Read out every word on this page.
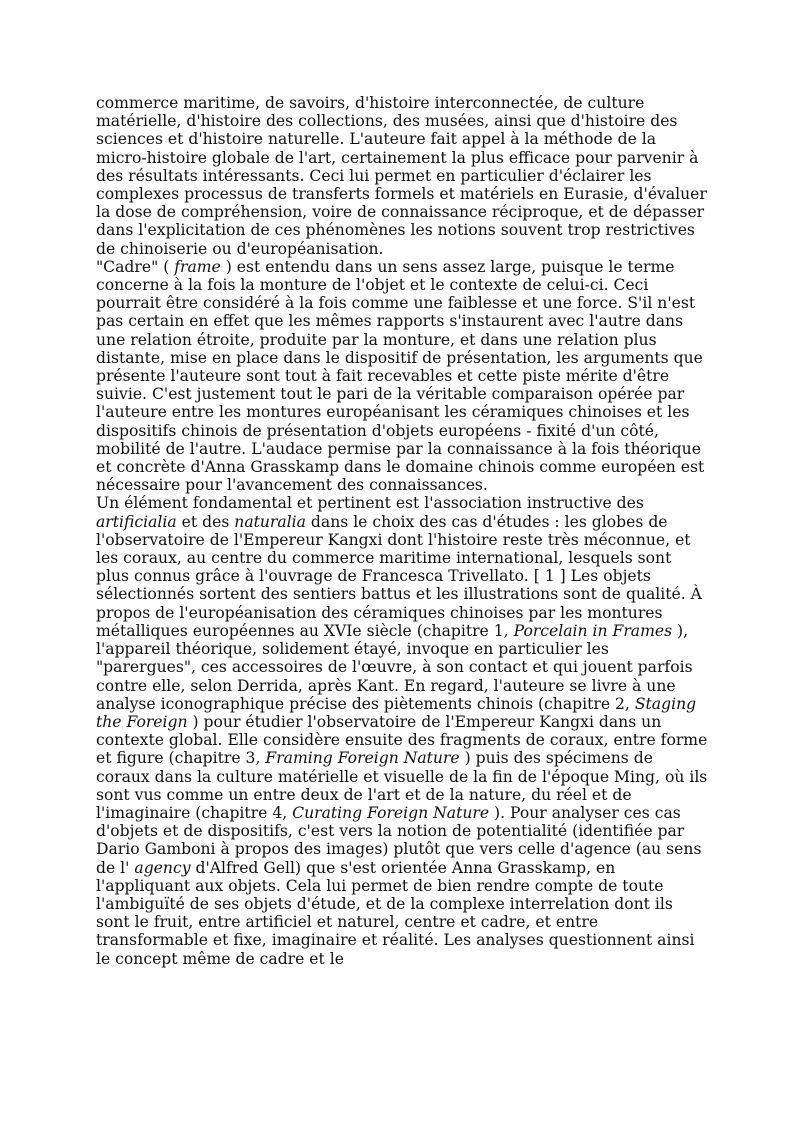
commerce maritime, de savoirs, d'histoire interconnectée, de culture matérielle, d'histoire des collections, des musées, ainsi que d'histoire des sciences et d'histoire naturelle. L'auteure fait appel à la méthode de la micro-histoire globale de l'art, certainement la plus efficace pour parvenir à des résultats intéressants. Ceci lui permet en particulier d'éclairer les complexes processus de transferts formels et matériels en Eurasie, d'évaluer la dose de compréhension, voire de connaissance réciproque, et de dépasser dans l'explicitation de ces phénomènes les notions souvent trop restrictives de chinoiserie ou d'européanisation.

"Cadre" ( frame ) est entendu dans un sens assez large, puisque le terme concerne à la fois la monture de l'objet et le contexte de celui-ci. Ceci pourrait être considéré à la fois comme une faiblesse et une force. S'il n'est pas certain en effet que les mêmes rapports s'instaurent avec l'autre dans une relation étroite, produite par la monture, et dans une relation plus distante, mise en place dans le dispositif de présentation, les arguments que présente l'auteure sont tout à fait recevables et cette piste mérite d'être suivie. C'est justement tout le pari de la véritable comparaison opérée par l'auteure entre les montures européanisant les céramiques chinoises et les dispositifs chinois de présentation d'objets européens - fixité d'un côté, mobilité de l'autre. L'audace permise par la connaissance à la fois théorique et concrète d'Anna Grasskamp dans le domaine chinois comme européen est nécessaire pour l'avancement des connaissances.

Un élément fondamental et pertinent est l'association instructive des artificialia et des naturalia dans le choix des cas d'études : les globes de l'observatoire de l'Empereur Kangxi dont l'histoire reste très méconnue, et les coraux, au centre du commerce maritime international, lesquels sont plus connus grâce à l'ouvrage de Francesca Trivellato. [ 1 ] Les objets sélectionnés sortent des sentiers battus et les illustrations sont de qualité. À propos de l'européanisation des céramiques chinoises par les montures métalliques européennes au XVIe siècle (chapitre 1, Porcelain in Frames ), l'appareil théorique, solidement étayé, invoque en particulier les "parergues", ces accessoires de l'œuvre, à son contact et qui jouent parfois contre elle, selon Derrida, après Kant. En regard, l'auteure se livre à une analyse iconographique précise des piètements chinois (chapitre 2, Staging the Foreign ) pour étudier l'observatoire de l'Empereur Kangxi dans un contexte global. Elle considère ensuite des fragments de coraux, entre forme et figure (chapitre 3, Framing Foreign Nature ) puis des spécimens de coraux dans la culture matérielle et visuelle de la fin de l'époque Ming, où ils sont vus comme un entre deux de l'art et de la nature, du réel et de l'imaginaire (chapitre 4, Curating Foreign Nature ). Pour analyser ces cas d'objets et de dispositifs, c'est vers la notion de potentialité (identifiée par Dario Gamboni à propos des images) plutôt que vers celle d'agence (au sens de l' agency d'Alfred Gell) que s'est orientée Anna Grasskamp, en l'appliquant aux objets. Cela lui permet de bien rendre compte de toute l'ambiguïté de ses objets d'étude, et de la complexe interrelation dont ils sont le fruit, entre artificiel et naturel, centre et cadre, et entre transformable et fixe, imaginaire et réalité. Les analyses questionnent ainsi le concept même de cadre et le
